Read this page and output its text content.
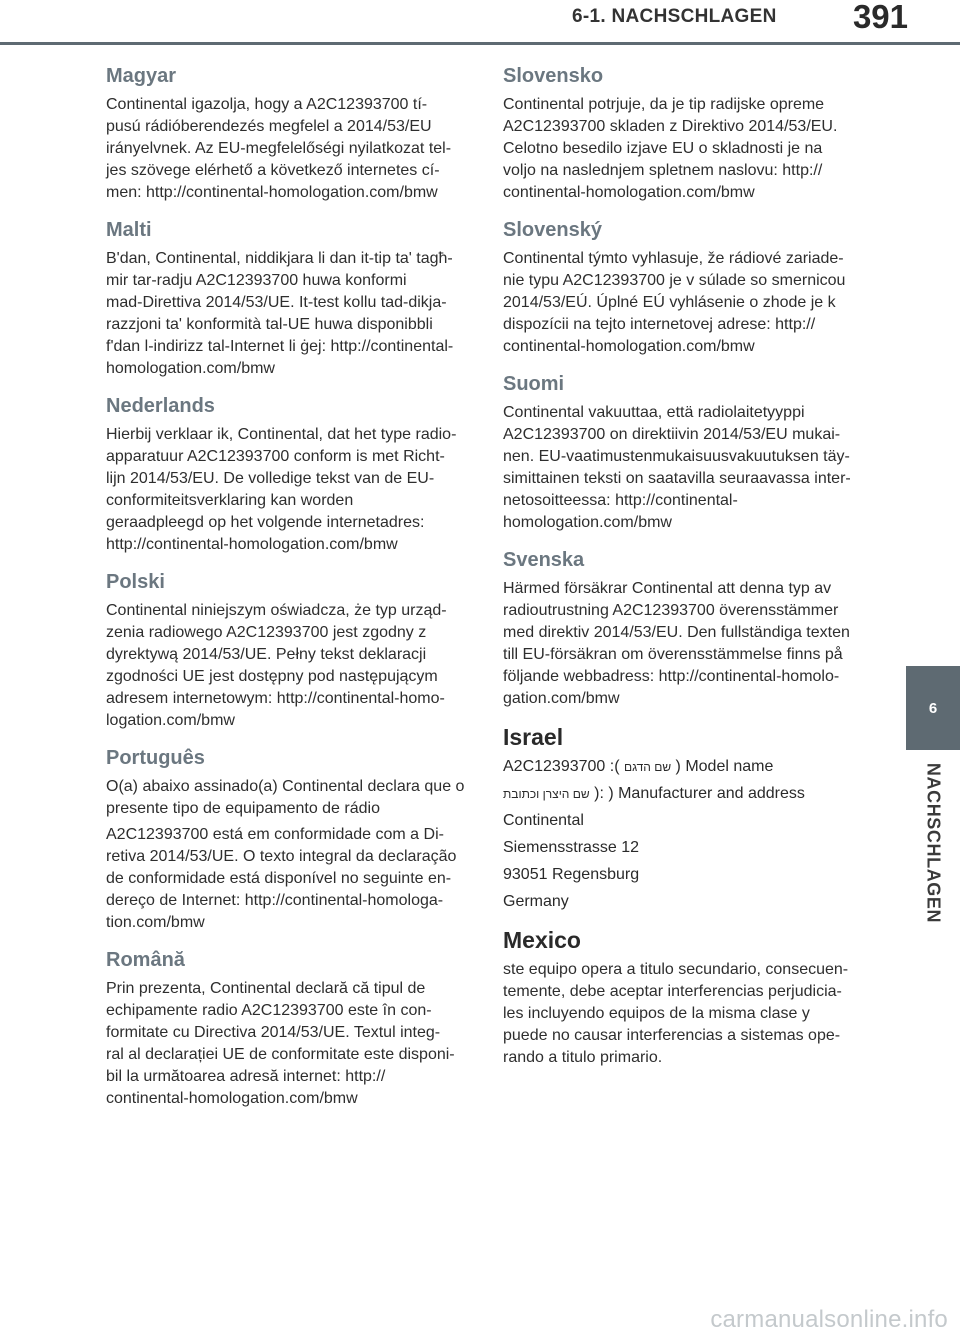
6-1. NACHSCHLAGEN	391
6
NACHSCHLAGEN
Magyar

Continental igazolja, hogy a A2C12393700 tí-
pusú rádióberendezés megfelel a 2014/53/EU
irányelvnek. Az EU-megfelelőségi nyilatkozat tel-
jes szövege elérhető a következő internetes cí-
men: http://continental-homologation.com/bmw

Malti

B'dan, Continental, niddikjara li dan it-tip ta' tagħ-
mir tar-radju A2C12393700 huwa konformi
mad-Direttiva 2014/53/UE. It-test kollu tad-dikja-
razzjoni ta' konformità tal-UE huwa disponibbli
f'dan l-indirizz tal-Internet li ġej: http://continental-
homologation.com/bmw

Nederlands

Hierbij verklaar ik, Continental, dat het type radio-
apparatuur A2C12393700 conform is met Richt-
lijn 2014/53/EU. De volledige tekst van de EU-
conformiteitsverklaring kan worden
geraadpleegd op het volgende internetadres:
http://continental-homologation.com/bmw

Polski

Continental niniejszym oświadcza, że typ urząd-
zenia radiowego A2C12393700 jest zgodny z
dyrektywą 2014/53/UE. Pełny tekst deklaracji
zgodności UE jest dostępny pod następującym
adresem internetowym: http://continental-homo-
logation.com/bmw

Português

O(a) abaixo assinado(a) Continental declara que o
presente tipo de equipamento de rádio

A2C12393700 está em conformidade com a Di-
retiva 2014/53/UE. O texto integral da declaração
de conformidade está disponível no seguinte en-
dereço de Internet: http://continental-homologa-
tion.com/bmw

Română

Prin prezenta, Continental declară că tipul de
echipamente radio A2C12393700 este în con-
formitate cu Directiva 2014/53/UE. Textul integ-
ral al declarației UE de conformitate este disponi-
bil la următoarea adresă internet: http://
continental-homologation.com/bmw

Slovensko

Continental potrjuje, da je tip radijske opreme
A2C12393700 skladen z Direktivo 2014/53/EU.
Celotno besedilo izjave EU o skladnosti je na
voljo na naslednjem spletnem naslovu: http://
continental-homologation.com/bmw

Slovenský

Continental týmto vyhlasuje, že rádiové zariade-
nie typu A2C12393700 je v súlade so smernicou
2014/53/EÚ. Úplné EÚ vyhlásenie o zhode je k
dispozícii na tejto internetovej adrese: http://
continental-homologation.com/bmw

Suomi

Continental vakuuttaa, että radiolaitetyyppi
A2C12393700 on direktiivin 2014/53/EU mukai-
nen. EU-vaatimustenmukaisuusvakuutuksen täy-
simittainen teksti on saatavilla seuraavassa inter-
netosoitteessa: http://continental-
homologation.com/bmw

Svenska

Härmed försäkrar Continental att denna typ av
radioutrustning A2C12393700 överensstämmer
med direktiv 2014/53/EU. Den fullständiga texten
till EU-försäkran om överensstämmelse finns på
följande webbadress: http://continental-homolo-
gation.com/bmw

Israel
A2C12393700 :( שם הדגם ) Model name
שם היצרן וכתובת ): ) Manufacturer and address
Continental
Siemensstrasse 12
93051 Regensburg
Germany
Mexico

ste equipo opera a titulo secundario, consecuen-
temente, debe aceptar interferencias perjudicia-
les incluyendo equipos de la misma clase y
puede no causar interferencias a sistemas ope-
rando a titulo primario.

carmanualsonline.info
